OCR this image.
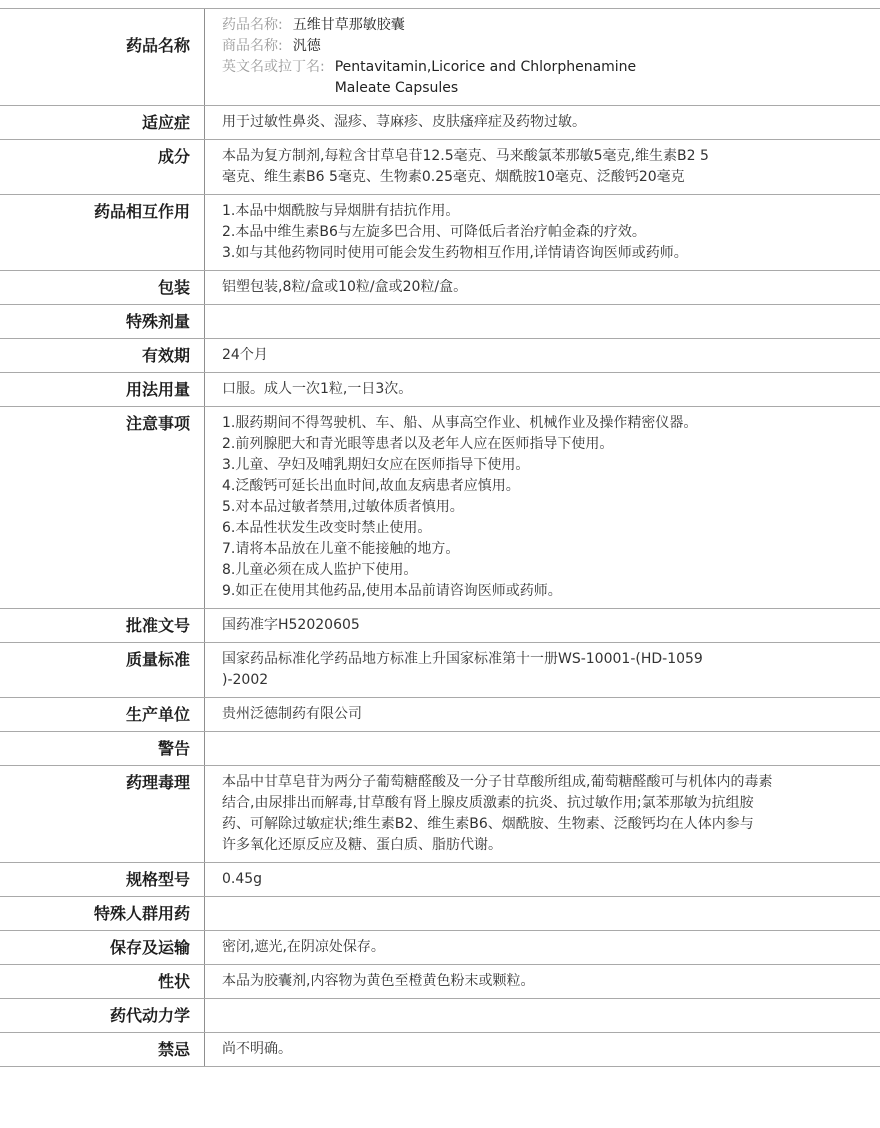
药品名称
药品名称: 五维甘草那敏胶囊
商品名称: 汎德
英文名或拉丁名: Pentavitamin,Licorice and Chlorphenamine Maleate Capsules
适应症	用于过敏性鼻炎、湿疹、荨麻疹、皮肤瘙痒症及药物过敏。
成分	本品为复方制剂,每粒含甘草皂苷12.5毫克、马来酸氯苯那敏5毫克,维生素B2 5
毫克、维生素B6 5毫克、生物素0.25毫克、烟酰胺10毫克、泛酸钙20毫克
药品相互作用	1.本品中烟酰胺与异烟肼有拮抗作用。
2.本品中维生素B6与左旋多巴合用、可降低后者治疗帕金森的疗效。
3.如与其他药物同时使用可能会发生药物相互作用,详情请咨询医师或药师。
包装	铝塑包装,8粒/盒或10粒/盒或20粒/盒。
特殊剂量
有效期	24个月
用法用量	口服。成人一次1粒,一日3次。
注意事项	1.服药期间不得驾驶机、车、船、从事高空作业、机械作业及操作精密仪器。
2.前列腺肥大和青光眼等患者以及老年人应在医师指导下使用。
3.儿童、孕妇及哺乳期妇女应在医师指导下使用。
4.泛酸钙可延长出血时间,故血友病患者应慎用。
5.对本品过敏者禁用,过敏体质者慎用。
6.本品性状发生改变时禁止使用。
7.请将本品放在儿童不能接触的地方。
8.儿童必须在成人监护下使用。
9.如正在使用其他药品,使用本品前请咨询医师或药师。
批准文号	国药准字H52020605
质量标准	国家药品标准化学药品地方标准上升国家标准第十一册WS-10001-(HD-1059
)-2002
生产单位	贵州泛德制药有限公司
警告
药理毒理	本品中甘草皂苷为两分子葡萄糖醛酸及一分子甘草酸所组成,葡萄糖醛酸可与机体内的毒素
结合,由尿排出而解毒,甘草酸有肾上腺皮质激素的抗炎、抗过敏作用;氯苯那敏为抗组胺
药、可解除过敏症状;维生素B2、维生素B6、烟酰胺、生物素、泛酸钙均在人体内参与
许多氧化还原反应及糖、蛋白质、脂肪代谢。
规格型号	0.45g
特殊人群用药
保存及运输	密闭,遮光,在阴凉处保存。
性状	本品为胶囊剂,内容物为黄色至橙黄色粉末或颗粒。
药代动力学
禁忌	尚不明确。
